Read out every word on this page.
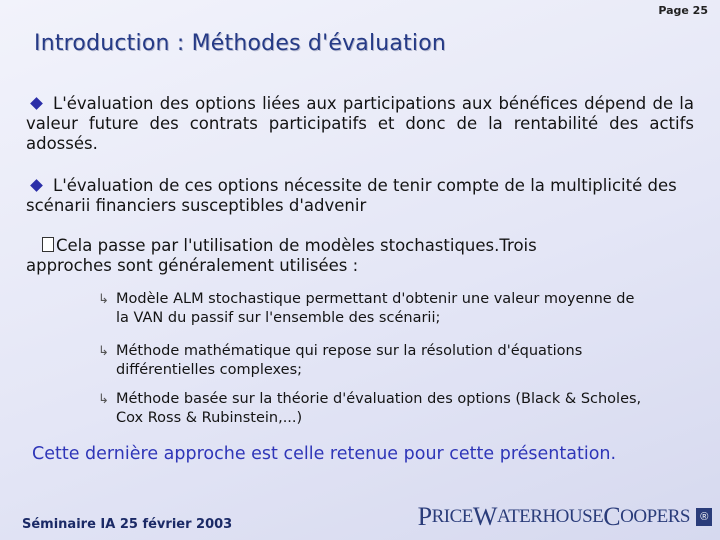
Page 25
Introduction : Méthodes d'évaluation
L'évaluation des options liées aux participations aux bénéfices dépend de la valeur future des contrats participatifs et donc de la rentabilité des actifs adossés.
L'évaluation de ces options nécessite de tenir compte de la multiplicité des scénarii financiers susceptibles d'advenir
Cela passe par l'utilisation de modèles stochastiques.Trois
approches sont généralement utilisées :
↳ Modèle ALM stochastique permettant d'obtenir une valeur moyenne de
la VAN du passif sur l'ensemble des scénarii;
↳ Méthode mathématique qui repose sur la résolution d'équations
différentielles complexes;
↳ Méthode basée sur la théorie d'évaluation des options (Black & Scholes,
Cox Ross & Rubinstein,...)
Cette dernière approche est celle retenue pour cette présentation.
Séminaire IA 25 février 2003	P RICE W ATERHOUSE C OOPERS ®
